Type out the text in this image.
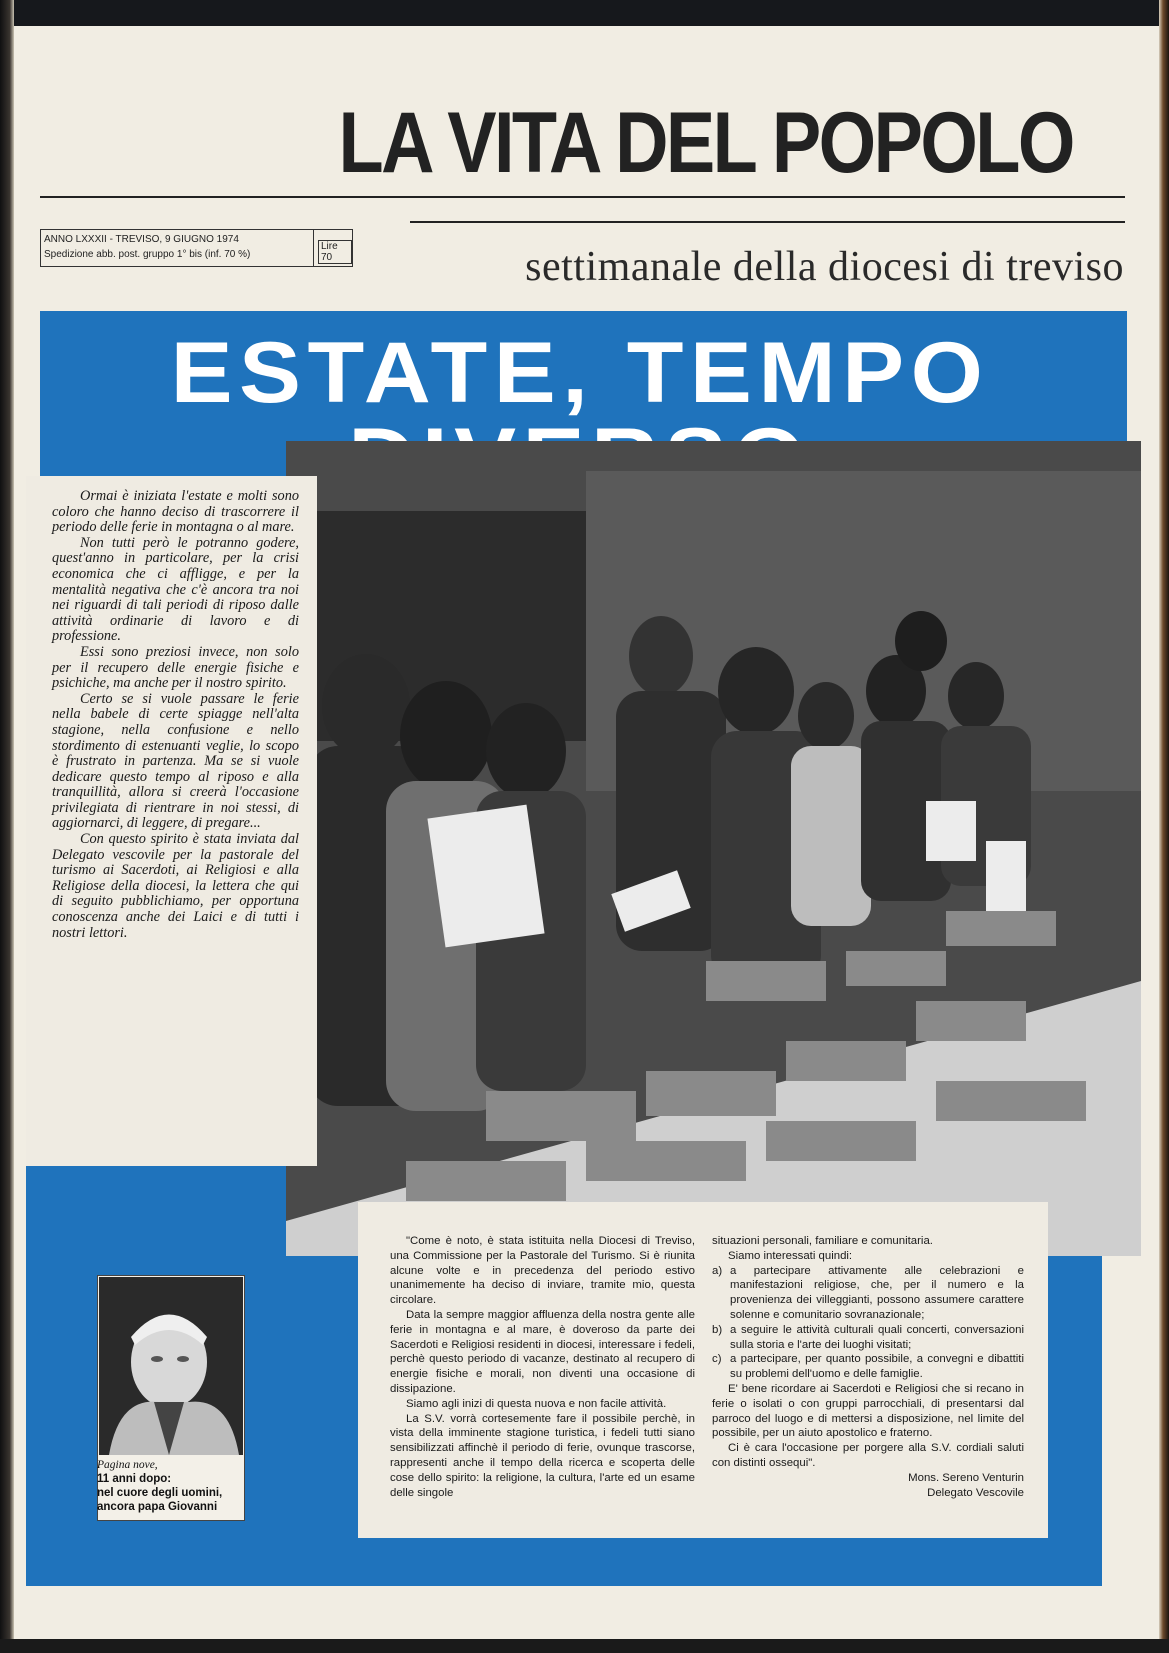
LA VITA DEL POPOLO
ANNO LXXXII - TREVISO, 9 GIUGNO 1974
Spedizione abb. post. gruppo 1° bis (inf. 70 %)
Lire 70	settimanale della diocesi di treviso
ESTATE, TEMPO

Ormai è iniziata l'estate e molti sono coloro che hanno deciso di trascorrere il periodo delle ferie in montagna o al mare.

Non tutti però le potranno godere, quest'anno in particolare, per la crisi economica che ci affligge, e per la mentalità negativa che c'è ancora tra noi nei riguardi di tali periodi di riposo dalle attività ordinarie di lavoro e di professione.

Essi sono preziosi invece, non solo per il recupero delle energie fisiche e psichiche, ma anche per il nostro spirito.

Certo se si vuole passare le ferie nella babele di certe spiagge nell'alta stagione, nella confusione e nello stordimento di estenuanti veglie, lo scopo è frustrato in partenza. Ma se si vuole dedicare questo tempo al riposo e alla tranquillità, allora si creerà l'occasione privilegiata di rientrare in noi stessi, di aggiornarci, di leggere, di pregare...

Con questo spirito è stata inviata dal Delegato vescovile per la pastorale del turismo ai Sacerdoti, ai Religiosi e alla Religiose della diocesi, la lettera che qui di seguito pubblichiamo, per opportuna conoscenza anche dei Laici e di tutti i nostri lettori.

Pagina nove,
11 anni dopo:
nel cuore degli uomini,
ancora papa Giovanni

"Come è noto, è stata istituita nella Diocesi di Treviso, una Commissione per la Pastorale del Turismo. Si è riunita alcune volte e in precedenza del periodo estivo unanimemente ha deciso di inviare, tramite mio, questa circolare.

Data la sempre maggior affluenza della nostra gente alle ferie in montagna e al mare, è doveroso da parte dei Sacerdoti e Religiosi residenti in diocesi, interessare i fedeli, perchè questo periodo di vacanze, destinato al recupero di energie fisiche e morali, non diventi una occasione di dissipazione.

Siamo agli inizi di questa nuova e non facile attività.

La S.V. vorrà cortesemente fare il possibile perchè, in vista della imminente stagione turistica, i fedeli tutti siano sensibilizzati affinchè il periodo di ferie, ovunque trascorse, rappresenti anche il tempo della ricerca e scoperta delle cose dello spirito: la religione, la cultura, l'arte ed un esame delle singole

situazioni personali, familiare e comunitaria.

Siamo interessati quindi:

a) a partecipare attivamente alle celebrazioni e manifestazioni religiose, che, per il numero e la provenienza dei villeggianti, possono assumere carattere solenne e comunitario sovranazionale;
b) a seguire le attività culturali quali concerti, conversazioni sulla storia e l'arte dei luoghi visitati;
c) a partecipare, per quanto possibile, a convegni e dibattiti su problemi dell'uomo e delle famiglie.

E' bene ricordare ai Sacerdoti e Religiosi che si recano in ferie o isolati o con gruppi parrocchiali, di presentarsi dal parroco del luogo e di mettersi a disposizione, nel limite del possibile, per un aiuto apostolico e fraterno.

Ci è cara l'occasione per porgere alla S.V. cordiali saluti con distinti ossequi".

Mons. Sereno Venturin

Delegato Vescovile
